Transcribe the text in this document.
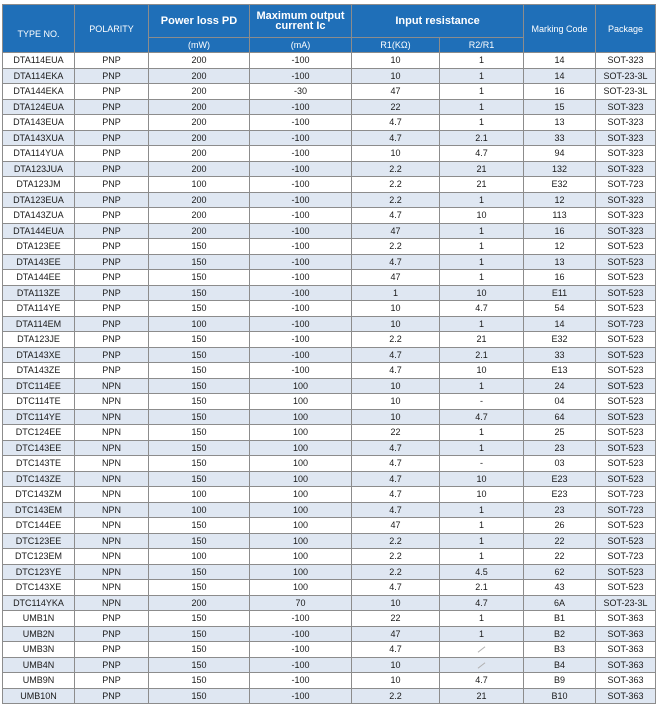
TYPE NO.	POLARITY	Power loss PD	Maximum output current Ic	Input resistance		Marking Code	Package
		(mW)	(mA)	R1(KΩ)	R2/R1		
DTA114EUA	PNP	200	-100	10	1	14	SOT-323
DTA114EKA	PNP	200	-100	10	1	14	SOT-23-3L
DTA144EKA	PNP	200	-30	47	1	16	SOT-23-3L
DTA124EUA	PNP	200	-100	22	1	15	SOT-323
DTA143EUA	PNP	200	-100	4.7	1	13	SOT-323
DTA143XUA	PNP	200	-100	4.7	2.1	33	SOT-323
DTA114YUA	PNP	200	-100	10	4.7	94	SOT-323
DTA123JUA	PNP	200	-100	2.2	21	132	SOT-323
DTA123JM	PNP	100	-100	2.2	21	E32	SOT-723
DTA123EUA	PNP	200	-100	2.2	1	12	SOT-323
DTA143ZUA	PNP	200	-100	4.7	10	113	SOT-323
DTA144EUA	PNP	200	-100	47	1	16	SOT-323
DTA123EE	PNP	150	-100	2.2	1	12	SOT-523
DTA143EE	PNP	150	-100	4.7	1	13	SOT-523
DTA144EE	PNP	150	-100	47	1	16	SOT-523
DTA113ZE	PNP	150	-100	1	10	E11	SOT-523
DTA114YE	PNP	150	-100	10	4.7	54	SOT-523
DTA114EM	PNP	100	-100	10	1	14	SOT-723
DTA123JE	PNP	150	-100	2.2	21	E32	SOT-523
DTA143XE	PNP	150	-100	4.7	2.1	33	SOT-523
DTA143ZE	PNP	150	-100	4.7	10	E13	SOT-523
DTC114EE	NPN	150	100	10	1	24	SOT-523
DTC114TE	NPN	150	100	10	-	04	SOT-523
DTC114YE	NPN	150	100	10	4.7	64	SOT-523
DTC124EE	NPN	150	100	22	1	25	SOT-523
DTC143EE	NPN	150	100	4.7	1	23	SOT-523
DTC143TE	NPN	150	100	4.7	-	03	SOT-523
DTC143ZE	NPN	150	100	4.7	10	E23	SOT-523
DTC143ZM	NPN	100	100	4.7	10	E23	SOT-723
DTC143EM	NPN	100	100	4.7	1	23	SOT-723
DTC144EE	NPN	150	100	47	1	26	SOT-523
DTC123EE	NPN	150	100	2.2	1	22	SOT-523
DTC123EM	NPN	100	100	2.2	1	22	SOT-723
DTC123YE	NPN	150	100	2.2	4.5	62	SOT-523
DTC143XE	NPN	150	100	4.7	2.1	43	SOT-523
DTC114YKA	NPN	200	70	10	4.7	6A	SOT-23-3L
UMB1N	PNP	150	-100	22	1	B1	SOT-363
UMB2N	PNP	150	-100	47	1	B2	SOT-363
UMB3N	PNP	150	-100	4.7		B3	SOT-363
UMB4N	PNP	150	-100	10		B4	SOT-363
UMB9N	PNP	150	-100	10	4.7	B9	SOT-363
UMB10N	PNP	150	-100	2.2	21	B10	SOT-363
